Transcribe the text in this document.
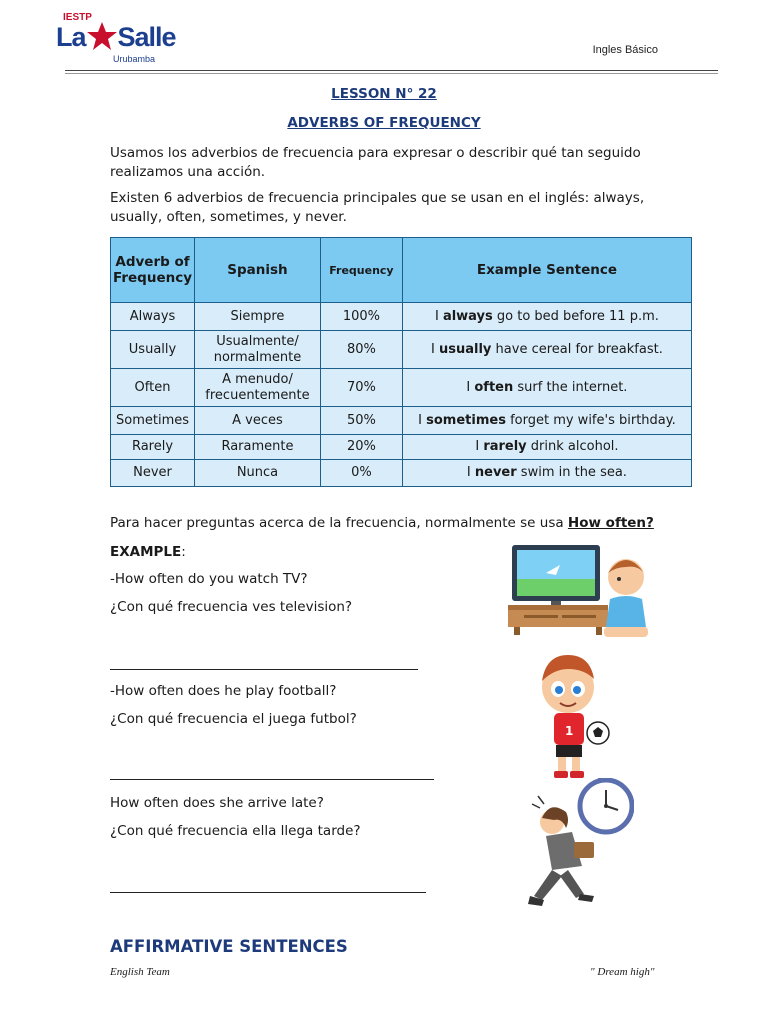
IESTP
La Salle
Urubamba
Ingles Básico
LESSON N° 22
ADVERBS OF FREQUENCY
Usamos los adverbios de frecuencia para expresar o describir qué tan seguido realizamos una acción.
Existen 6 adverbios de frecuencia principales que se usan en el inglés: always, usually, often, sometimes, y never.
Adverb of Frequency	Spanish	Frequency	Example Sentence
Always	Siempre	100%	I always go to bed before 11 p.m.
Usually	Usualmente/ normalmente	80%	I usually have cereal for breakfast.
Often	A menudo/ frecuentemente	70%	I often surf the internet.
Sometimes	A veces	50%	I sometimes forget my wife's birthday.
Rarely	Raramente	20%	I rarely drink alcohol.
Never	Nunca	0%	I never swim in the sea.
Para hacer preguntas acerca de la frecuencia, normalmente se usa How often?
EXAMPLE:
-How often do you watch TV?
¿Con qué frecuencia ves television?
-How often does he play football?
¿Con qué frecuencia el juega futbol?
How often does she arrive late?
¿Con qué frecuencia ella llega tarde?
1
AFFIRMATIVE SENTENCES
English Team	" Dream high"
